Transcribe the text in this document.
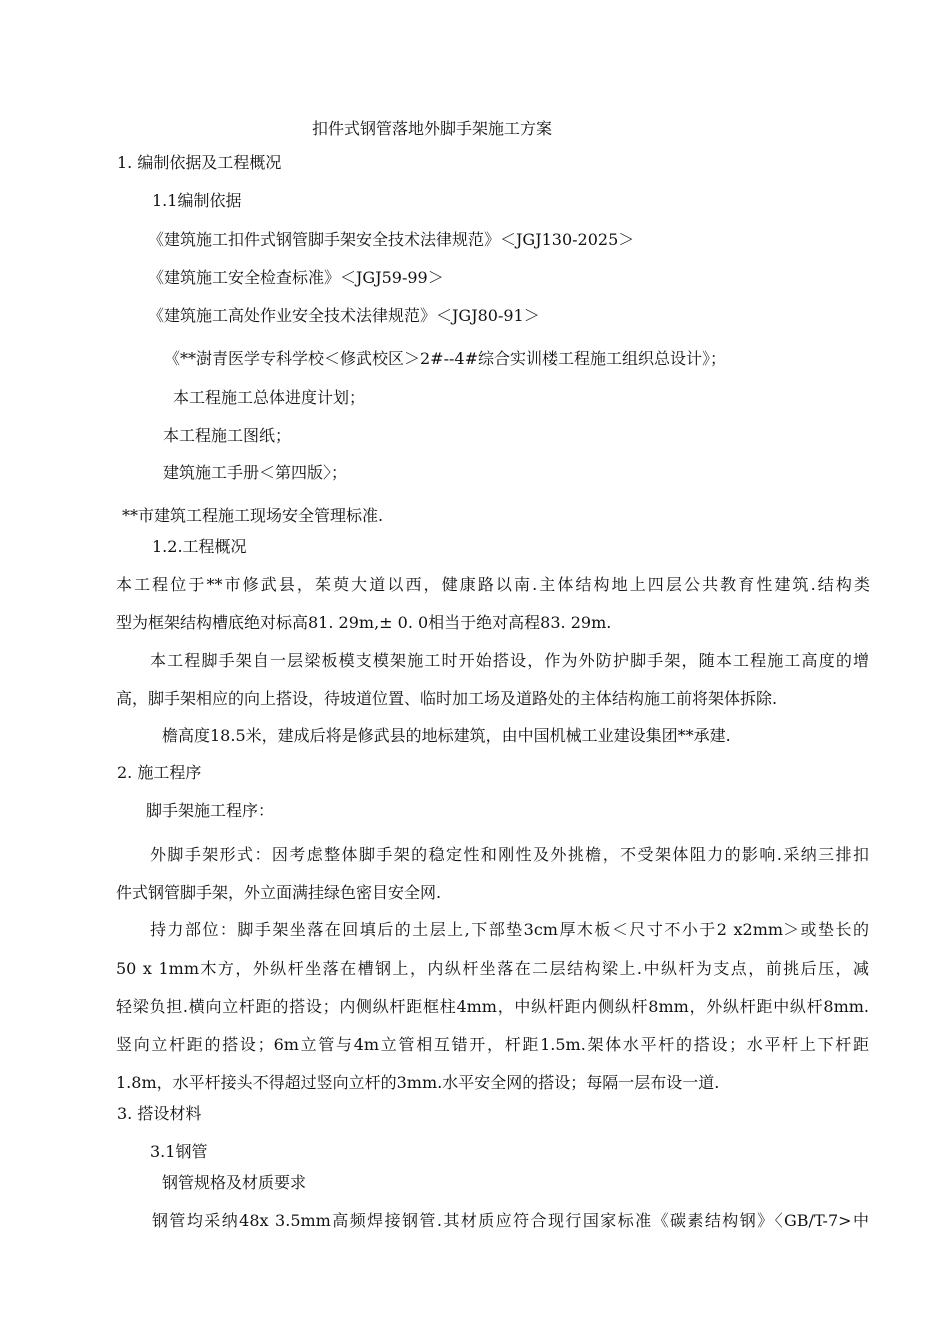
扣件式钢管落地外脚手架施工方案
1. 编制依据及工程概况
1.1编制依据
《建筑施工扣件式钢管脚手架安全技术法律规范》＜JGJ130-2025＞
《建筑施工安全检查标准》＜JGJ59-99＞
《建筑施工高处作业安全技术法律规范》＜JGJ80-91＞
《**澍青医学专科学校＜修武校区＞2#--4#综合实训楼工程施工组织总设计》；
本工程施工总体进度计划；
本工程施工图纸；
建筑施工手册＜第四版〉；
**市建筑工程施工现场安全管理标准.
1.2.工程概况
本工程位于**市修武县，茱萸大道以西，健康路以南.主体结构地上四层公共教育性建筑.结构类
型为框架结构槽底绝对标高81. 29m,± 0. 0相当于绝对高程83. 29m.
本工程脚手架自一层梁板模支模架施工时开始搭设，作为外防护脚手架，随本工程施工高度的增
高，脚手架相应的向上搭设，待坡道位置、临时加工场及道路处的主体结构施工前将架体拆除.
檐高度18.5米，建成后将是修武县的地标建筑，由中国机械工业建设集团**承建.
2. 施工程序
脚手架施工程序：
外脚手架形式：因考虑整体脚手架的稳定性和刚性及外挑檐，不受架体阻力的影响.采纳三排扣
件式钢管脚手架，外立面满挂绿色密目安全网.
持力部位：脚手架坐落在回填后的土层上,下部垫3cm厚木板＜尺寸不小于2 x2mm＞或垫长的
50 x 1mm木方，外纵杆坐落在槽钢上，内纵杆坐落在二层结构梁上.中纵杆为支点，前挑后压，减
轻梁负担.横向立杆距的搭设；内侧纵杆距框柱4mm，中纵杆距内侧纵杆8mm，外纵杆距中纵杆8mm.
竖向立杆距的搭设；6m立管与4m立管相互错开，杆距1.5m.架体水平杆的搭设；水平杆上下杆距
1.8m，水平杆接头不得超过竖向立杆的3mm.水平安全网的搭设；每隔一层布设一道.
3. 搭设材料
3.1钢管
钢管规格及材质要求
钢管均采纳48x 3.5mm高频焊接钢管.其材质应符合现行国家标准《碳素结构钢》〈GB/T-7>中
